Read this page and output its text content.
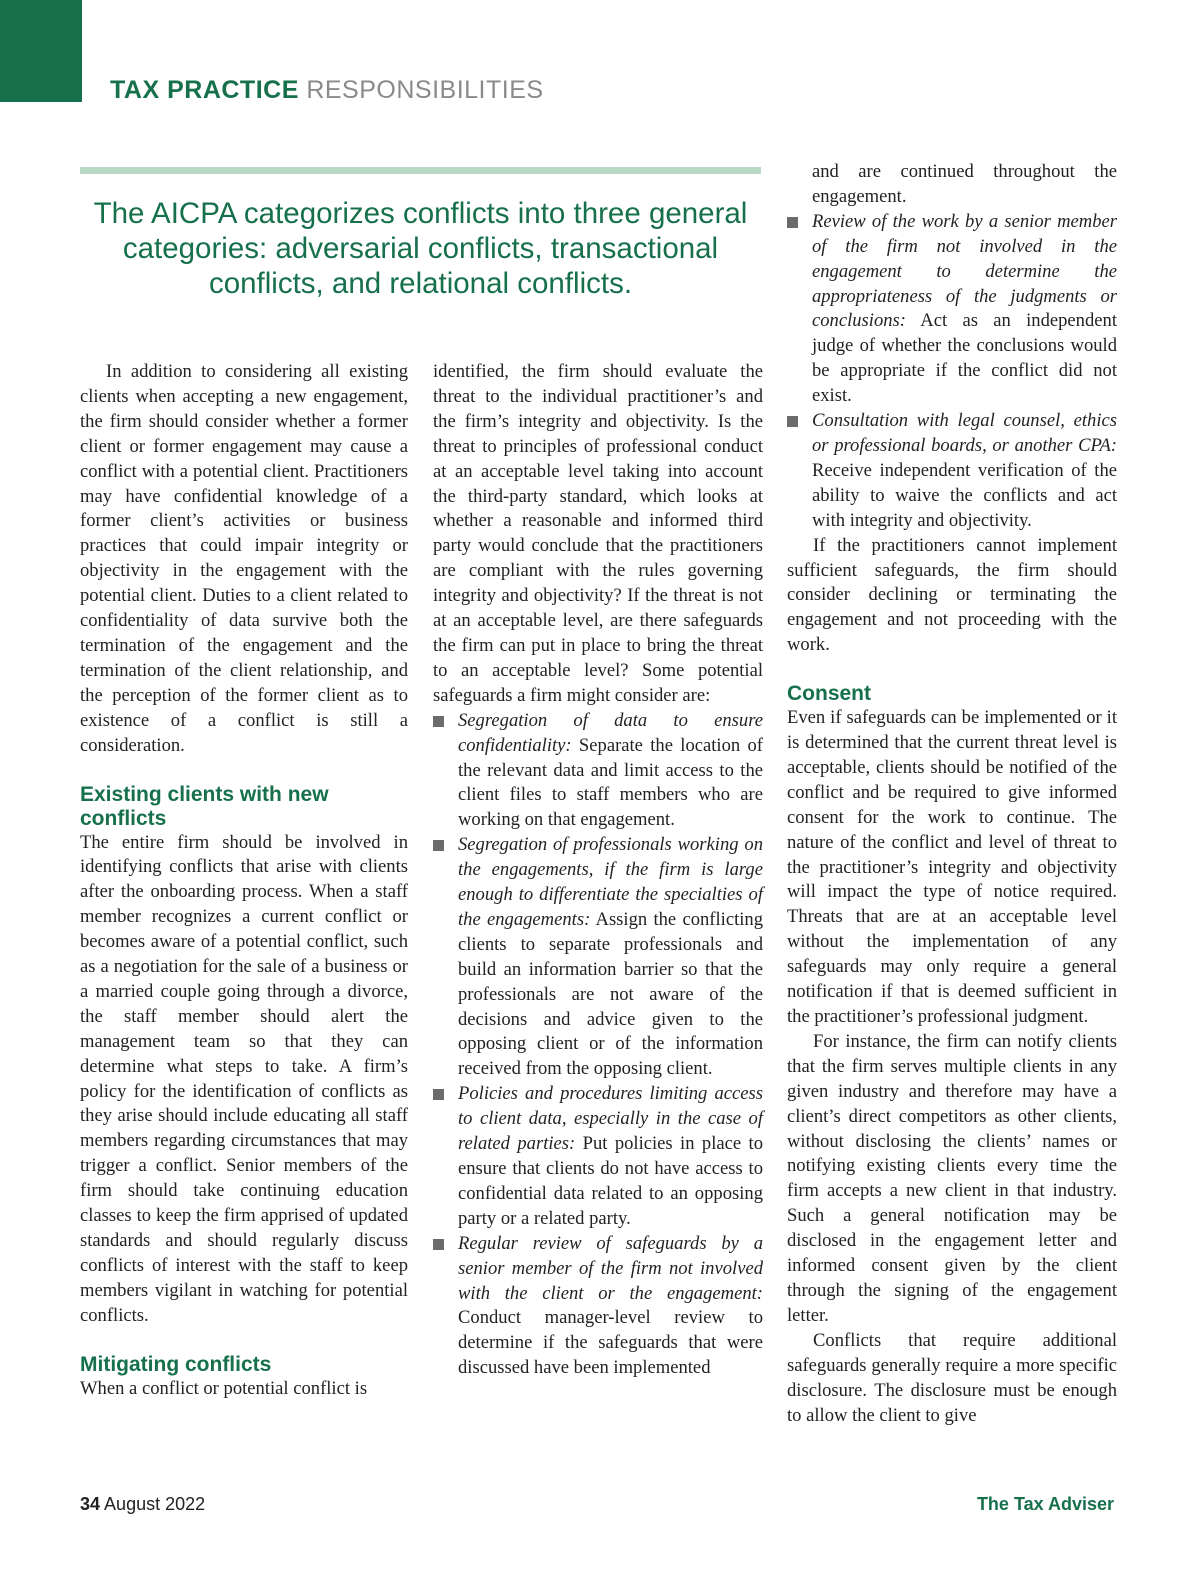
TAX PRACTICE RESPONSIBILITIES
The AICPA categorizes conflicts into three general categories: adversarial conflicts, transactional conflicts, and relational conflicts.

In addition to considering all existing clients when accepting a new engagement, the firm should consider whether a former client or former engagement may cause a conflict with a potential client. Practitioners may have confidential knowledge of a former client’s activities or business practices that could impair integrity or objectivity in the engagement with the potential client. Duties to a client related to confidentiality of data survive both the termination of the engagement and the termination of the client relationship, and the perception of the former client as to existence of a conflict is still a consideration.

Existing clients with new conflicts

The entire firm should be involved in identifying conflicts that arise with clients after the onboarding process. When a staff member recognizes a current conflict or becomes aware of a potential conflict, such as a negotiation for the sale of a business or a married couple going through a divorce, the staff member should alert the management team so that they can determine what steps to take. A firm’s policy for the identification of conflicts as they arise should include educating all staff members regarding circumstances that may trigger a conflict. Senior members of the firm should take continuing education classes to keep the firm apprised of updated standards and should regularly discuss conflicts of interest with the staff to keep members vigilant in watching for potential conflicts.

Mitigating conflicts

When a conflict or potential conflict is

identified, the firm should evaluate the threat to the individual practitioner’s and the firm’s integrity and objectivity. Is the threat to principles of professional conduct at an acceptable level taking into account the third-party standard, which looks at whether a reasonable and informed third party would conclude that the practitioners are compliant with the rules governing integrity and objectivity? If the threat is not at an acceptable level, are there safeguards the firm can put in place to bring the threat to an acceptable level? Some potential safeguards a firm might consider are:

Segregation of data to ensure confidentiality: Separate the location of the relevant data and limit access to the client files to staff members who are working on that engagement.
Segregation of professionals working on the engagements, if the firm is large enough to differentiate the specialties of the engagements: Assign the conflicting clients to separate professionals and build an information barrier so that the professionals are not aware of the decisions and advice given to the opposing client or of the information received from the opposing client.
Policies and procedures limiting access to client data, especially in the case of related parties: Put policies in place to ensure that clients do not have access to confidential data related to an opposing party or a related party.
Regular review of safeguards by a senior member of the firm not involved with the client or the engagement: Conduct manager-level review to determine if the safeguards that were discussed have been implemented
and are continued throughout the engagement.
Review of the work by a senior member of the firm not involved in the engagement to determine the appropriateness of the judgments or conclusions: Act as an independent judge of whether the conclusions would be appropriate if the conflict did not exist.
Consultation with legal counsel, ethics or professional boards, or another CPA: Receive independent verification of the ability to waive the conflicts and act with integrity and objectivity.

If the practitioners cannot implement sufficient safeguards, the firm should consider declining or terminating the engagement and not proceeding with the work.

Consent

Even if safeguards can be implemented or it is determined that the current threat level is acceptable, clients should be notified of the conflict and be required to give informed consent for the work to continue. The nature of the conflict and level of threat to the practitioner’s integrity and objectivity will impact the type of notice required. Threats that are at an acceptable level without the implementation of any safeguards may only require a general notification if that is deemed sufficient in the practitioner’s professional judgment.

For instance, the firm can notify clients that the firm serves multiple clients in any given industry and therefore may have a client’s direct competitors as other clients, without disclosing the clients’ names or notifying existing clients every time the firm accepts a new client in that industry. Such a general notification may be disclosed in the engagement letter and informed consent given by the client through the signing of the engagement letter.

Conflicts that require additional safeguards generally require a more specific disclosure. The disclosure must be enough to allow the client to give

34 August 2022	The Tax Adviser
